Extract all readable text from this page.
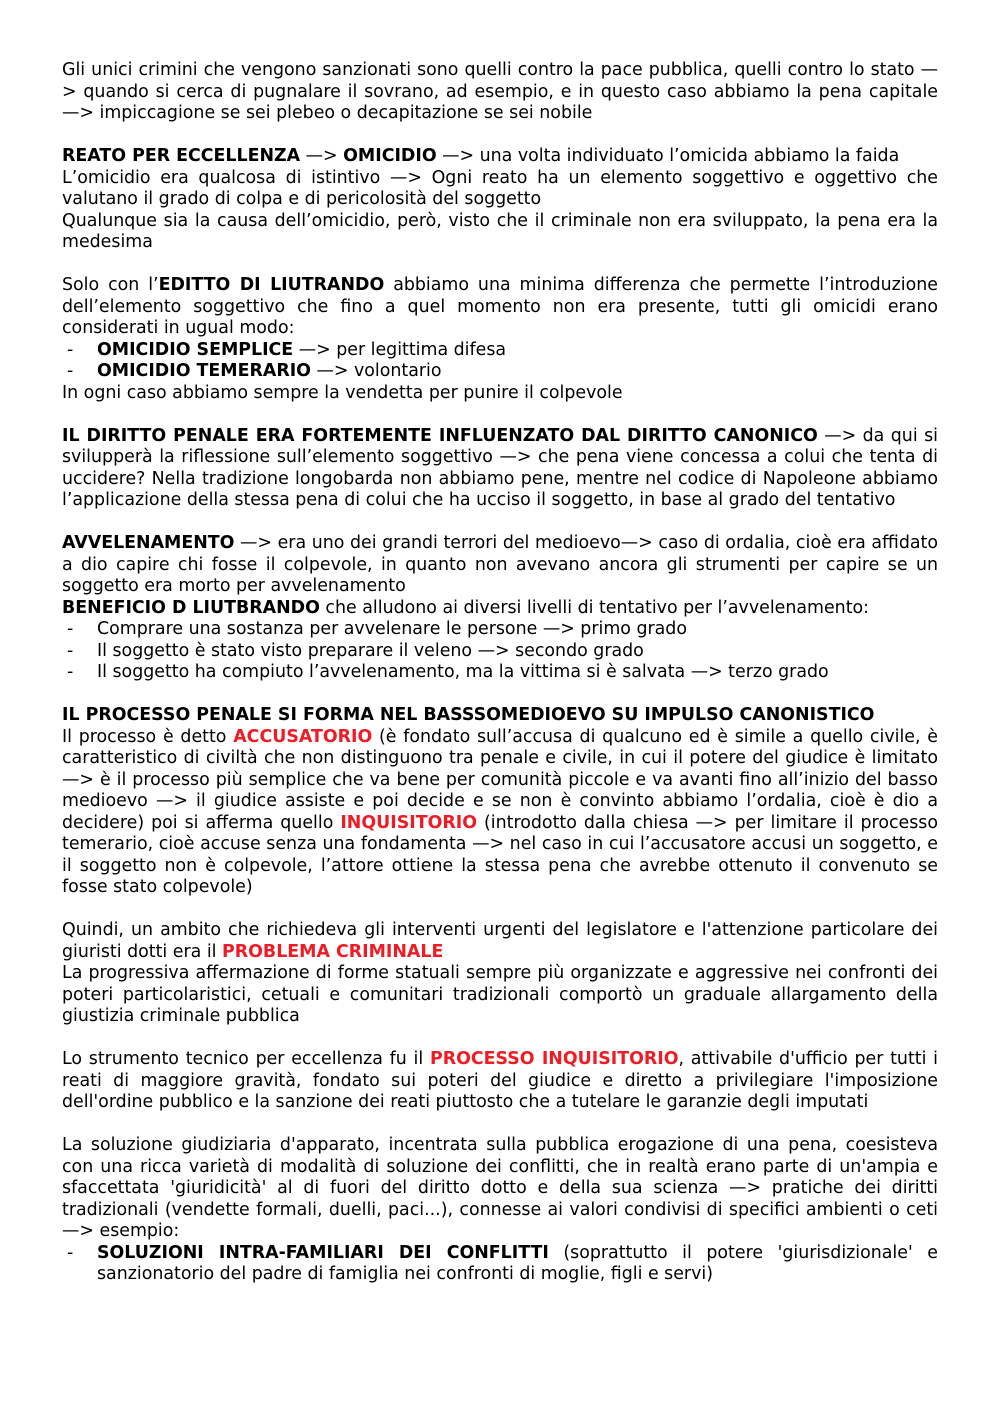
Gli unici crimini che vengono sanzionati sono quelli contro la pace pubblica, quelli contro lo stato —> quando si cerca di pugnalare il sovrano, ad esempio, e in questo caso abbiamo la pena capitale —> impiccagione se sei plebeo o decapitazione se sei nobile

REATO PER ECCELLENZA —> OMICIDIO —> una volta individuato l’omicida abbiamo la faida

L’omicidio era qualcosa di istintivo —> Ogni reato ha un elemento soggettivo e oggettivo che valutano il grado di colpa e di pericolosità del soggetto

Qualunque sia la causa dell’omicidio, però, visto che il criminale non era sviluppato, la pena era la medesima

Solo con l’EDITTO DI LIUTRANDO abbiamo una minima differenza che permette l’introduzione dell’elemento soggettivo che fino a quel momento non era presente, tutti gli omicidi erano considerati in ugual modo:

- OMICIDIO SEMPLICE —> per legittima difesa
- OMICIDIO TEMERARIO —> volontario

In ogni caso abbiamo sempre la vendetta per punire il colpevole

IL DIRITTO PENALE ERA FORTEMENTE INFLUENZATO DAL DIRITTO CANONICO —> da qui si svilupperà la riflessione sull’elemento soggettivo —> che pena viene concessa a colui che tenta di uccidere? Nella tradizione longobarda non abbiamo pene, mentre nel codice di Napoleone abbiamo l’applicazione della stessa pena di colui che ha ucciso il soggetto, in base al grado del tentativo

AVVELENAMENTO —> era uno dei grandi terrori del medioevo—> caso di ordalia, cioè era affidato a dio capire chi fosse il colpevole, in quanto non avevano ancora gli strumenti per capire se un soggetto era morto per avvelenamento

BENEFICIO D LIUTBRANDO che alludono ai diversi livelli di tentativo per l’avvelenamento:

- Comprare una sostanza per avvelenare le persone —> primo grado
- Il soggetto è stato visto preparare il veleno —> secondo grado
- Il soggetto ha compiuto l’avvelenamento, ma la vittima si è salvata —> terzo grado

IL PROCESSO PENALE SI FORMA NEL BASSSOMEDIOEVO SU IMPULSO CANONISTICO

Il processo è detto ACCUSATORIO (è fondato sull’accusa di qualcuno ed è simile a quello civile, è caratteristico di civiltà che non distinguono tra penale e civile, in cui il potere del giudice è limitato —> è il processo più semplice che va bene per comunità piccole e va avanti fino all’inizio del basso medioevo —> il giudice assiste e poi decide e se non è convinto abbiamo l’ordalia, cioè è dio a decidere) poi si afferma quello INQUISITORIO (introdotto dalla chiesa —> per limitare il processo temerario, cioè accuse senza una fondamenta —> nel caso in cui l’accusatore accusi un soggetto, e il soggetto non è colpevole, l’attore ottiene la stessa pena che avrebbe ottenuto il convenuto se fosse stato colpevole)

Quindi, un ambito che richiedeva gli interventi urgenti del legislatore e l'attenzione particolare dei giuristi dotti era il PROBLEMA CRIMINALE

La progressiva affermazione di forme statuali sempre più organizzate e aggressive nei confronti dei poteri particolaristici, cetuali e comunitari tradizionali comportò un graduale allargamento della giustizia criminale pubblica

Lo strumento tecnico per eccellenza fu il PROCESSO INQUISITORIO, attivabile d'ufficio per tutti i reati di maggiore gravità, fondato sui poteri del giudice e diretto a privilegiare l'imposizione dell'ordine pubblico e la sanzione dei reati piuttosto che a tutelare le garanzie degli imputati

La soluzione giudiziaria d'apparato, incentrata sulla pubblica erogazione di una pena, coesisteva con una ricca varietà di modalità di soluzione dei conflitti, che in realtà erano parte di un'ampia e sfaccettata 'giuridicità' al di fuori del diritto dotto e della sua scienza —> pratiche dei diritti tradizionali (vendette formali, duelli, paci...), connesse ai valori condivisi di specifici ambienti o ceti —> esempio:

- SOLUZIONI INTRA-FAMILIARI DEI CONFLITTI (soprattutto il potere 'giurisdizionale' e sanzionatorio del padre di famiglia nei confronti di moglie, figli e servi)
